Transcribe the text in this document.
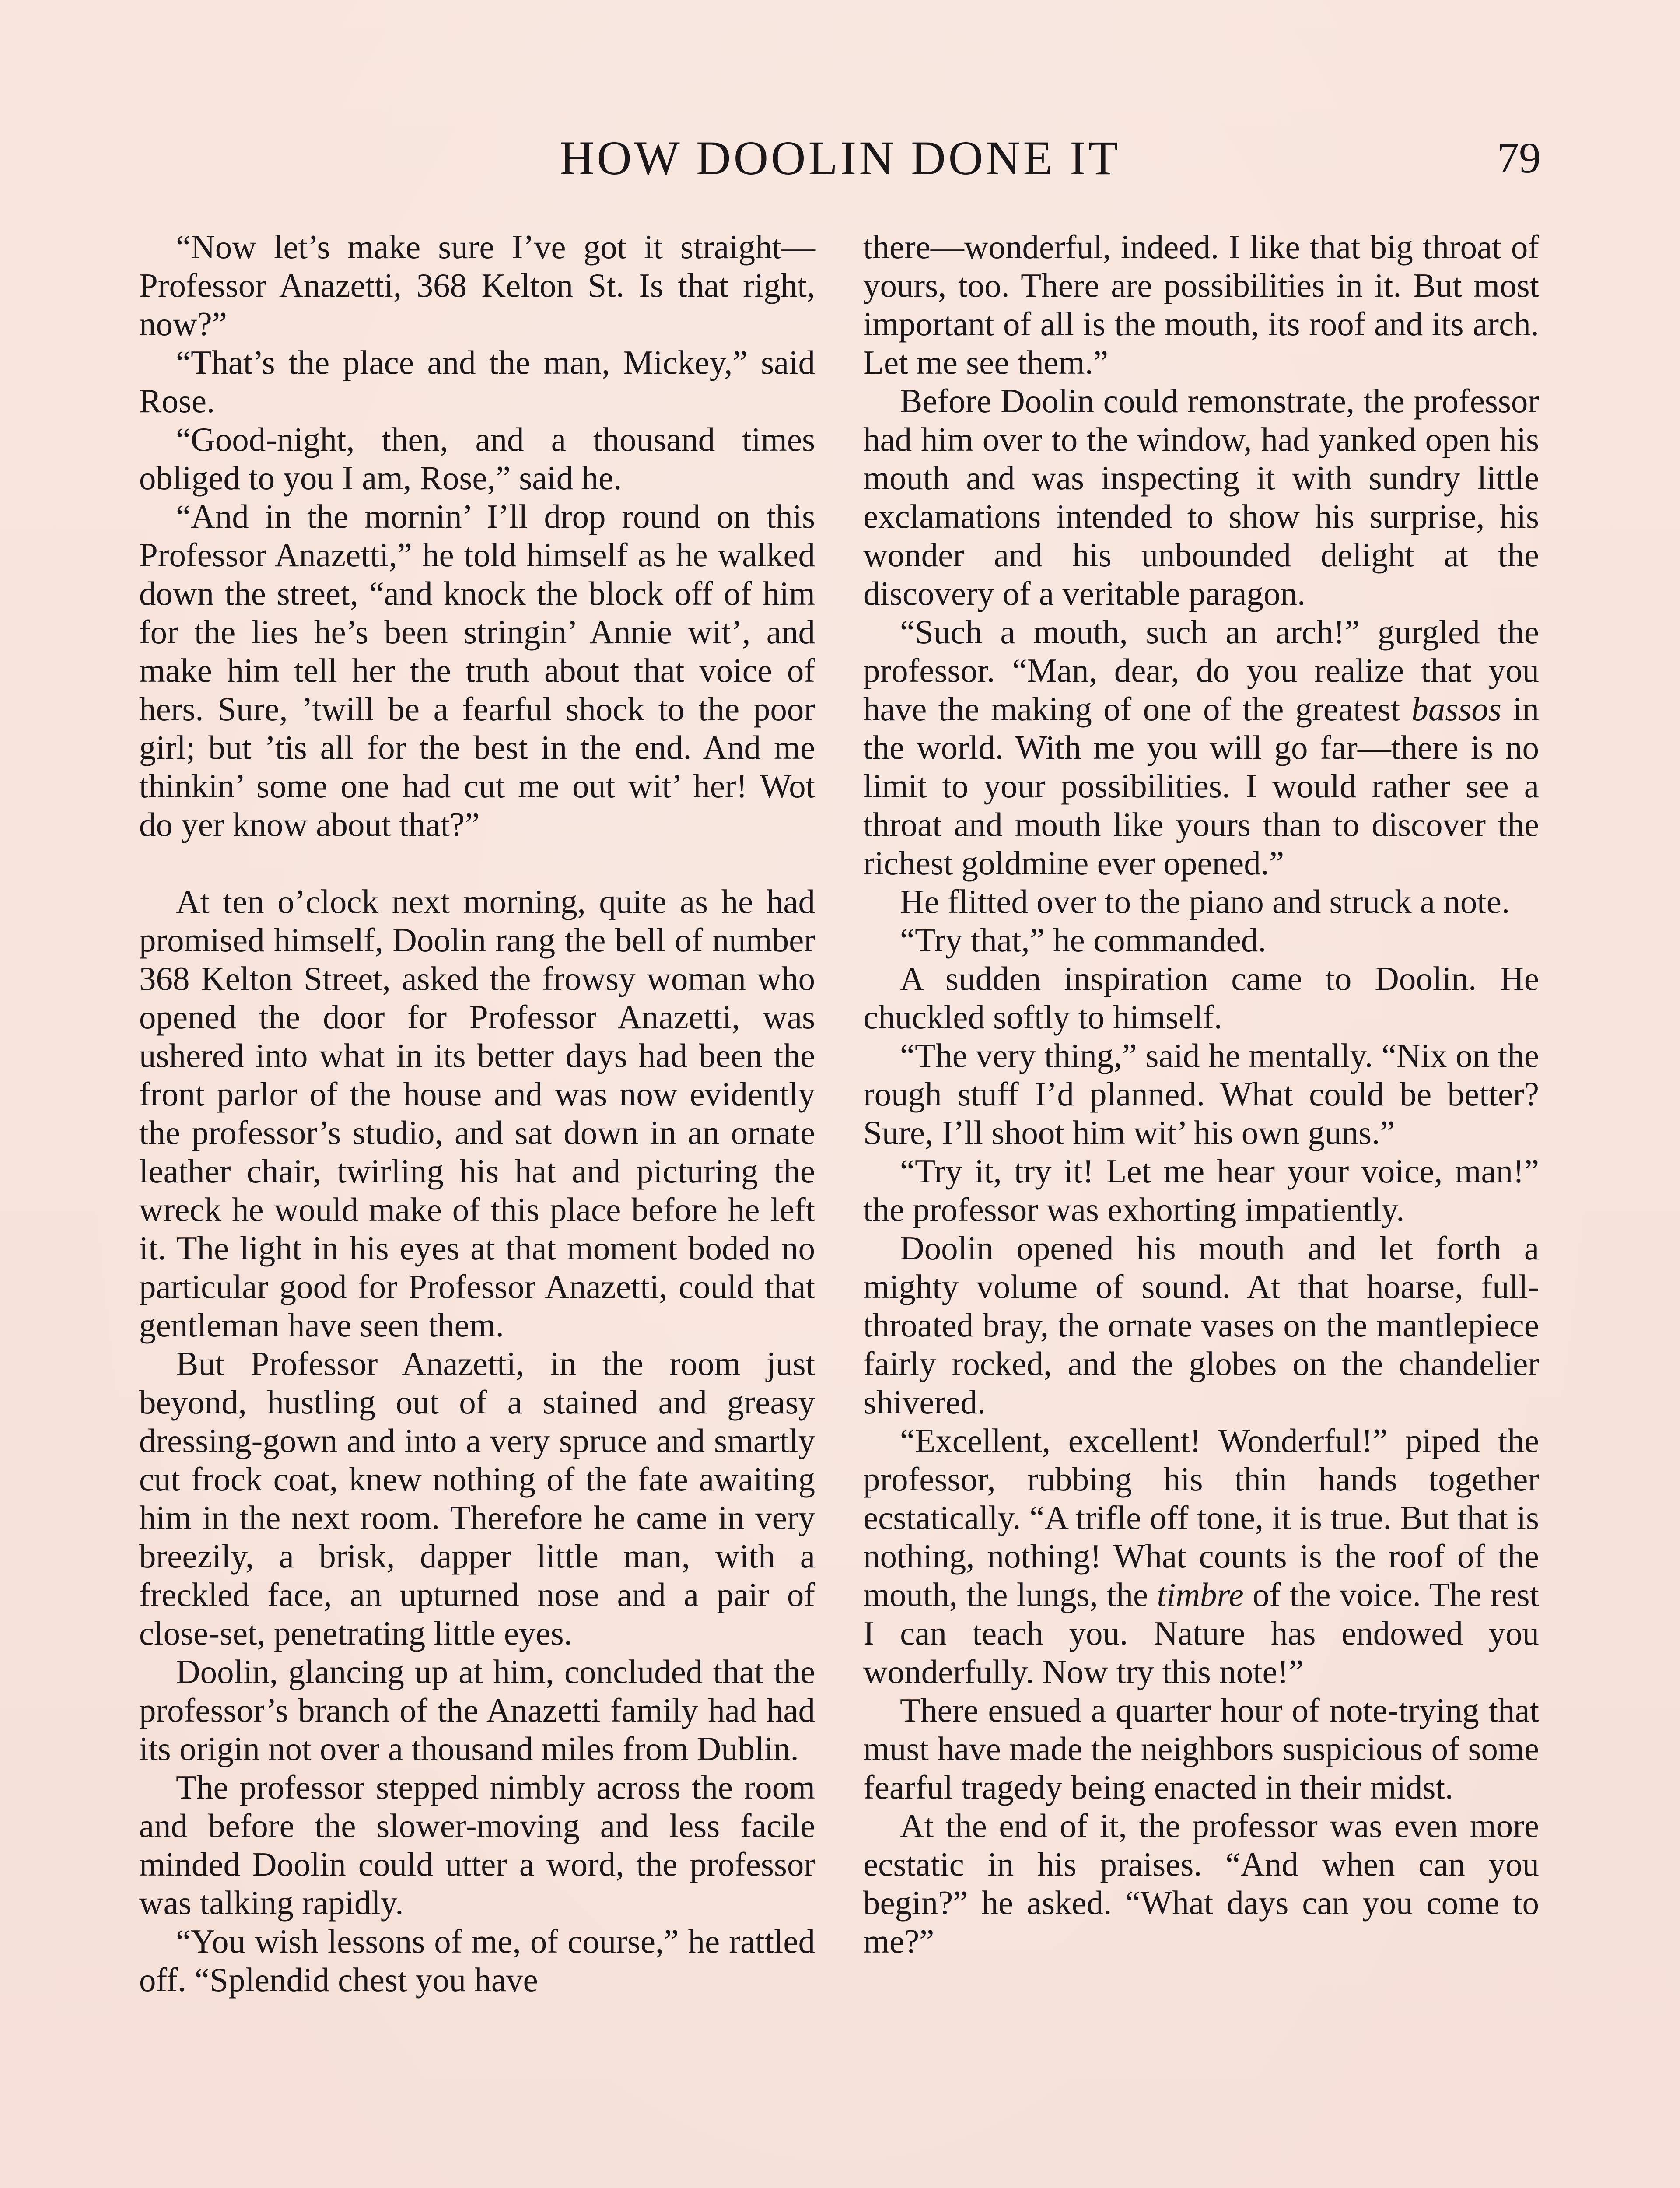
HOW DOOLIN DONE IT	79

“Now let’s make sure I’ve got it straight—Professor Anazetti, 368 Kelton St. Is that right, now?”

“That’s the place and the man, Mickey,” said Rose.

“Good-night, then, and a thousand times obliged to you I am, Rose,” said he.

“And in the mornin’ I’ll drop round on this Professor Anazetti,” he told himself as he walked down the street, “and knock the block off of him for the lies he’s been stringin’ Annie wit’, and make him tell her the truth about that voice of hers. Sure, ’twill be a fearful shock to the poor girl; but ’tis all for the best in the end. And me thinkin’ some one had cut me out wit’ her! Wot do yer know about that?”

At ten o’clock next morning, quite as he had promised himself, Doolin rang the bell of number 368 Kelton Street, asked the frowsy woman who opened the door for Professor Anazetti, was ushered into what in its better days had been the front parlor of the house and was now evidently the professor’s studio, and sat down in an ornate leather chair, twirling his hat and picturing the wreck he would make of this place before he left it. The light in his eyes at that moment boded no particular good for Professor Anazetti, could that gentleman have seen them.

But Professor Anazetti, in the room just beyond, hustling out of a stained and greasy dressing-gown and into a very spruce and smartly cut frock coat, knew nothing of the fate awaiting him in the next room. Therefore he came in very breezily, a brisk, dapper little man, with a freckled face, an upturned nose and a pair of close-set, penetrating little eyes.

Doolin, glancing up at him, concluded that the professor’s branch of the Anazetti family had had its origin not over a thousand miles from Dublin.

The professor stepped nimbly across the room and before the slower-moving and less facile minded Doolin could utter a word, the professor was talking rapidly.

“You wish lessons of me, of course,” he rattled off. “Splendid chest you have

there—wonderful, indeed. I like that big throat of yours, too. There are possibilities in it. But most important of all is the mouth, its roof and its arch. Let me see them.”

Before Doolin could remonstrate, the professor had him over to the window, had yanked open his mouth and was inspecting it with sundry little exclamations intended to show his surprise, his wonder and his unbounded delight at the discovery of a veritable paragon.

“Such a mouth, such an arch!” gurgled the professor. “Man, dear, do you realize that you have the making of one of the greatest bassos in the world. With me you will go far—there is no limit to your possibilities. I would rather see a throat and mouth like yours than to discover the richest goldmine ever opened.”

He flitted over to the piano and struck a note.

“Try that,” he commanded.

A sudden inspiration came to Doolin. He chuckled softly to himself.

“The very thing,” said he mentally. “Nix on the rough stuff I’d planned. What could be better? Sure, I’ll shoot him wit’ his own guns.”

“Try it, try it! Let me hear your voice, man!” the professor was exhorting impatiently.

Doolin opened his mouth and let forth a mighty volume of sound. At that hoarse, full-throated bray, the ornate vases on the mantlepiece fairly rocked, and the globes on the chandelier shivered.

“Excellent, excellent! Wonderful!” piped the professor, rubbing his thin hands together ecstatically. “A trifle off tone, it is true. But that is nothing, nothing! What counts is the roof of the mouth, the lungs, the timbre of the voice. The rest I can teach you. Nature has endowed you wonderfully. Now try this note!”

There ensued a quarter hour of note-trying that must have made the neighbors suspicious of some fearful tragedy being enacted in their midst.

At the end of it, the professor was even more ecstatic in his praises. “And when can you begin?” he asked. “What days can you come to me?”
